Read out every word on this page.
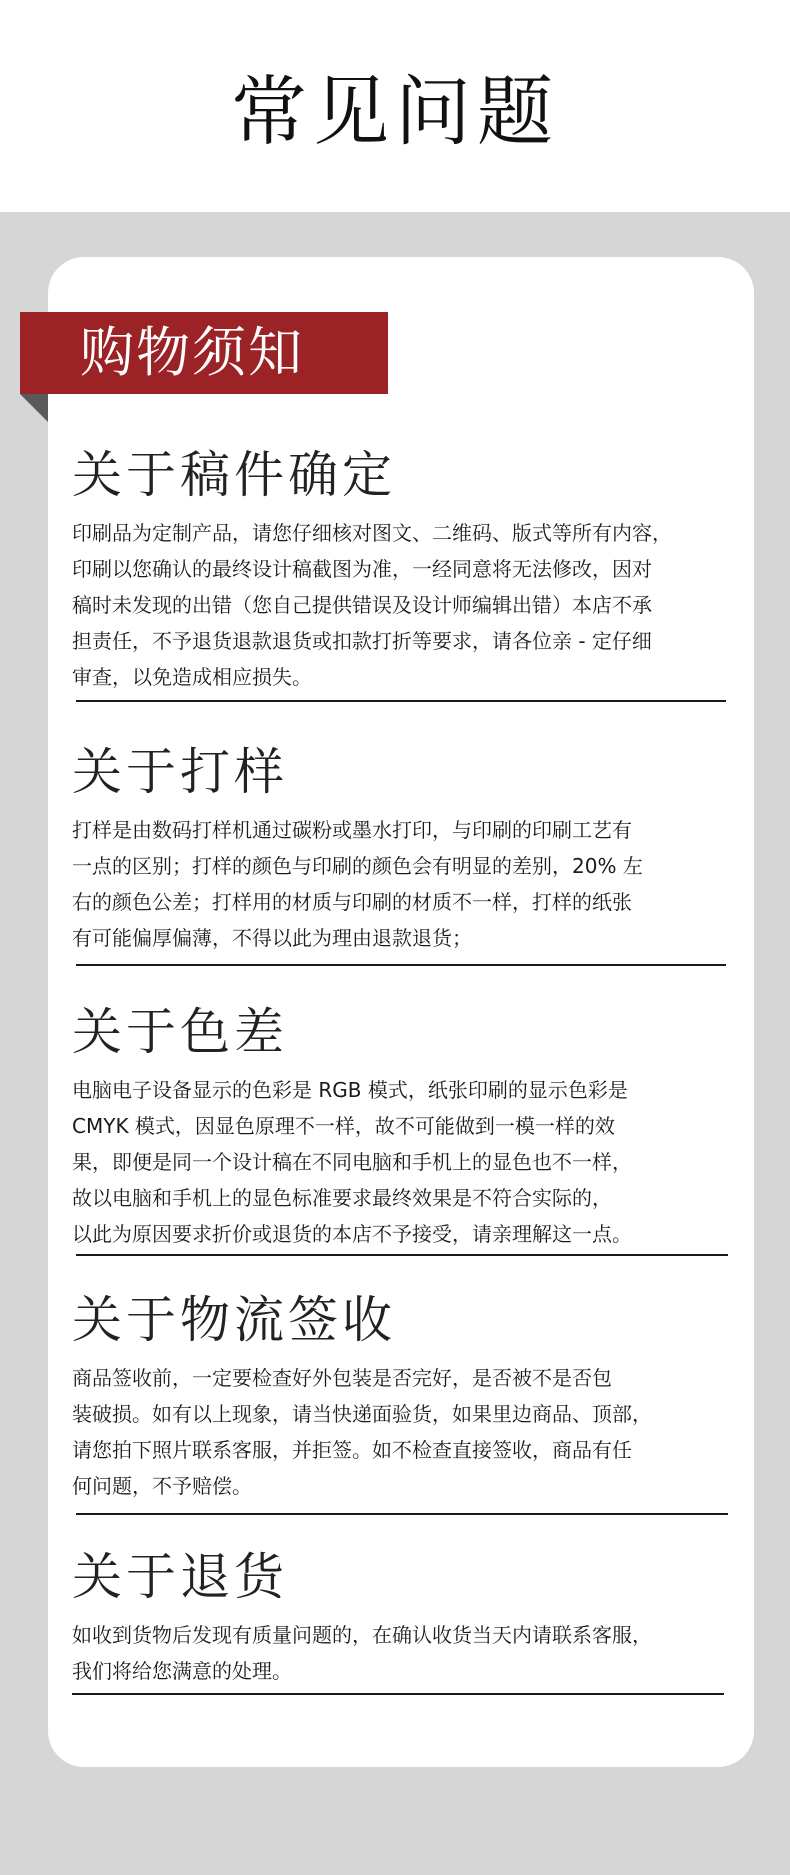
常见问题
购物须知
关于稿件确定
印刷品为定制产品，请您仔细核对图文、二维码、版式等所有内容，
印刷以您确认的最终设计稿截图为准，一经同意将无法修改，因对
稿时未发现的出错（您自己提供错误及设计师编辑出错）本店不承
担责任，不予退货退款退货或扣款打折等要求，请各位亲 - 定仔细
审查，以免造成相应损失。
关于打样
打样是由数码打样机通过碳粉或墨水打印，与印刷的印刷工艺有
一点的区别；打样的颜色与印刷的颜色会有明显的差别，20% 左
右的颜色公差；打样用的材质与印刷的材质不一样，打样的纸张
有可能偏厚偏薄，不得以此为理由退款退货；
关于色差
电脑电子设备显示的色彩是 RGB 模式，纸张印刷的显示色彩是
CMYK 模式，因显色原理不一样，故不可能做到一模一样的效
果，即便是同一个设计稿在不同电脑和手机上的显色也不一样，
故以电脑和手机上的显色标准要求最终效果是不符合实际的，
以此为原因要求折价或退货的本店不予接受，请亲理解这一点。
关于物流签收
商品签收前，一定要检查好外包装是否完好，是否被不是否包
装破损。如有以上现象，请当快递面验货，如果里边商品、顶部，
请您拍下照片联系客服，并拒签。如不检查直接签收，商品有任
何问题，不予赔偿。
关于退货
如收到货物后发现有质量问题的，在确认收货当天内请联系客服，
我们将给您满意的处理。
